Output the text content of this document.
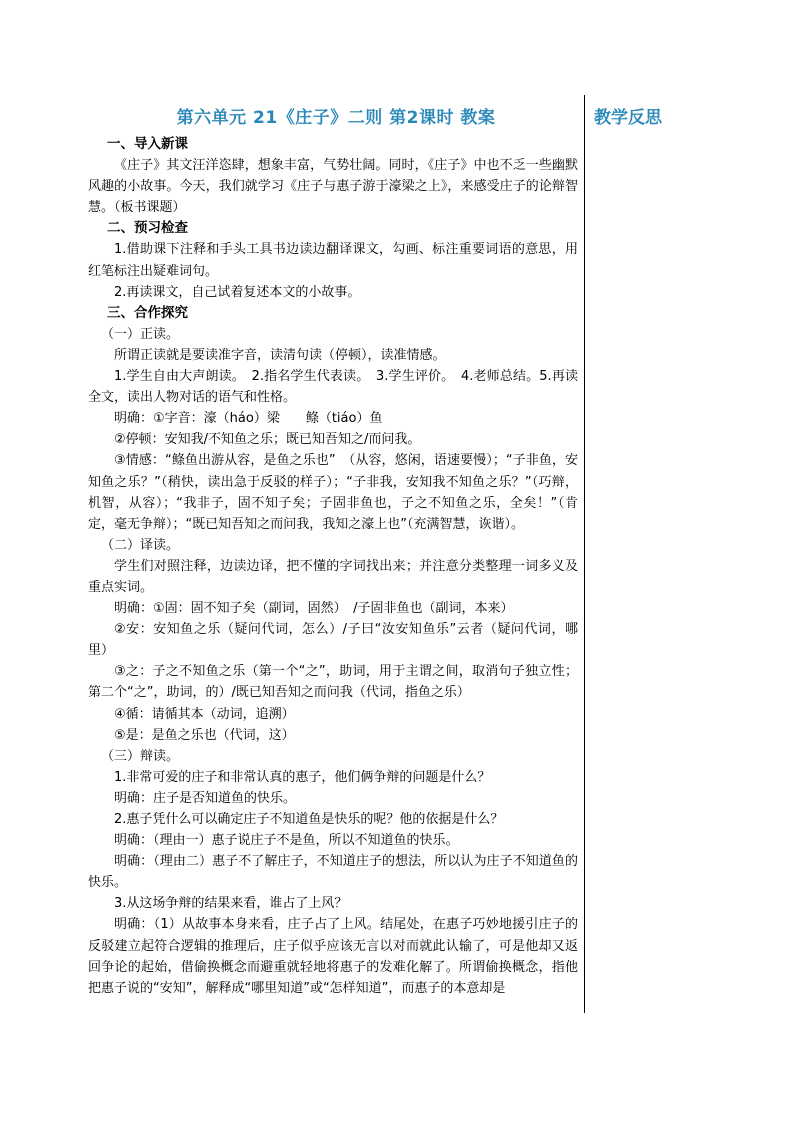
第六单元 21《庄子》二则 第2课时 教案	教学反思

一、导入新课

《庄子》其文汪洋恣肆，想象丰富，气势壮阔。同时，《庄子》中也不乏一些幽默风趣的小故事。今天，我们就学习《庄子与惠子游于濠梁之上》，来感受庄子的论辩智慧。（板书课题）

二、预习检查

1.借助课下注释和手头工具书边读边翻译课文，勾画、标注重要词语的意思，用红笔标注出疑难词句。

2.再读课文，自己试着复述本文的小故事。

三、合作探究

（一）正读。

所谓正读就是要读准字音，读清句读（停顿），读准情感。

1.学生自由大声朗读。　2.指名学生代表读。　3.学生评价。　4.老师总结。5.再读全文，读出人物对话的语气和性格。

明确：①字音：濠（háo）梁　　鲦（tiáo）鱼

②停顿：安知我/不知鱼之乐；既已知吾知之/而问我。

③情感：“鲦鱼出游从容，是鱼之乐也”　（从容，悠闲，语速要慢）；“子非鱼，安知鱼之乐？”（稍快，读出急于反驳的样子）；“子非我，安知我不知鱼之乐？”（巧辩，机智，从容）；“我非子，固不知子矣；子固非鱼也，子之不知鱼之乐，全矣！”（肯定，毫无争辩）；“既已知吾知之而问我，我知之濠上也”（充满智慧，诙谐）。

（二）译读。

学生们对照注释，边读边译，把不懂的字词找出来；并注意分类整理一词多义及重点实词。

明确：①固：固不知子矣（副词，固然）　/子固非鱼也（副词，本来）

②安：安知鱼之乐（疑问代词，怎么）/子曰“汝安知鱼乐”云者（疑问代词，哪里）

③之：子之不知鱼之乐（第一个“之”，助词，用于主谓之间，取消句子独立性；第二个“之”，助词，的）/既已知吾知之而问我（代词，指鱼之乐）

④循：请循其本（动词，追溯）

⑤是：是鱼之乐也（代词，这）

（三）辩读。

1.非常可爱的庄子和非常认真的惠子，他们俩争辩的问题是什么？

明确：庄子是否知道鱼的快乐。

2.惠子凭什么可以确定庄子不知道鱼是快乐的呢？他的依据是什么？

明确：（理由一）惠子说庄子不是鱼，所以不知道鱼的快乐。

明确：（理由二）惠子不了解庄子，不知道庄子的想法，所以认为庄子不知道鱼的快乐。

3.从这场争辩的结果来看，谁占了上风？

明确：（1）从故事本身来看，庄子占了上风。结尾处，在惠子巧妙地援引庄子的反驳建立起符合逻辑的推理后，庄子似乎应该无言以对而就此认输了，可是他却又返回争论的起始，借偷换概念而避重就轻地将惠子的发难化解了。所谓偷换概念，指他把惠子说的“安知”，解释成“哪里知道”或“怎样知道”，而惠子的本意却是
